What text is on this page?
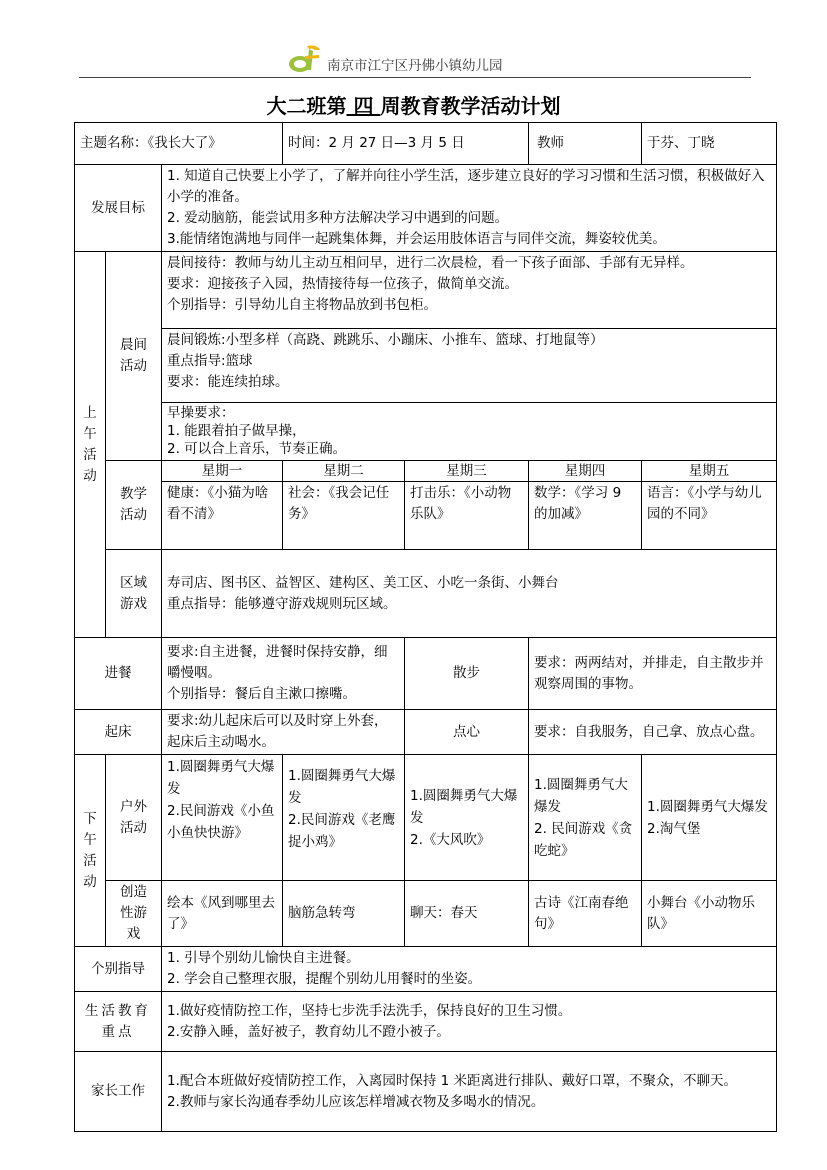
南京市江宁区丹佛小镇幼儿园
大二班第 四 周教育教学活动计划
主题名称：《我长大了》			时间：2 月 27 日—3 月 5 日		教师	于芬、丁晓
发展目标		1. 知道自己快要上小学了，了解并向往小学生活，逐步建立良好的学习习惯和生活习惯，积极做好入小学的准备。
2. 爱动脑筋，能尝试用多种方法解决学习中遇到的问题。
3.能情绪饱满地与同伴一起跳集体舞，并会运用肢体语言与同伴交流，舞姿较优美。				

上午活动	晨间活动	晨间接待：教师与幼儿主动互相问早，进行二次晨检，看一下孩子面部、手部有无异样。
要求：迎接孩子入园，热情接待每一位孩子，做简单交流。
个别指导：引导幼儿自主将物品放到书包柜。				

		晨间锻炼:小型多样（高跷、跳跳乐、小蹦床、小推车、篮球、打地鼠等）
重点指导:篮球
要求：能连续拍球。				

		早操要求：
1. 能跟着拍子做早操，
2. 可以合上音乐，节奏正确。				

	教学活动	星期一	星期二	星期三	星期四	星期五
		健康：《小猫为啥看不清》	社会：《我会记任务》	打击乐：《小动物乐队》	数学：《学习 9 的加减》	语言：《小学与幼儿园的不同》

	区域游戏	寿司店、图书区、益智区、建构区、美工区、小吃一条街、小舞台
重点指导：能够遵守游戏规则玩区域。				

进餐		要求:自主进餐，进餐时保持安静，细嚼慢咽。
个别指导：餐后自主漱口擦嘴。		散步	要求：两两结对，并排走，自主散步并观察周围的事物。	
起床		要求:幼儿起床后可以及时穿上外套，起床后主动喝水。		点心	要求：自我服务，自己拿、放点心盘。	

下午活动	户外活动	1.圆圈舞勇气大爆发
2.民间游戏《小鱼小鱼快快游》	1.圆圈舞勇气大爆发
2.民间游戏《老鹰捉小鸡》	1.圆圈舞勇气大爆发
2.《大风吹》	1.圆圈舞勇气大爆发
2. 民间游戏《贪吃蛇》	1.圆圈舞勇气大爆发
2.淘气堡

	创造性游戏	绘本《风到哪里去了》	脑筋急转弯	聊天：春天	古诗《江南春绝句》	小舞台《小动物乐队》
个别指导		1. 引导个别幼儿愉快自主进餐。
2. 学会自己整理衣服，提醒个别幼儿用餐时的坐姿。				

生活教育重点		1.做好疫情防控工作，坚持七步洗手法洗手，保持良好的卫生习惯。
2.安静入睡，盖好被子，教育幼儿不蹬小被子。				

家长工作		1.配合本班做好疫情防控工作，入离园时保持 1 米距离进行排队、戴好口罩，不聚众，不聊天。
2.教师与家长沟通春季幼儿应该怎样增减衣物及多喝水的情况。				
